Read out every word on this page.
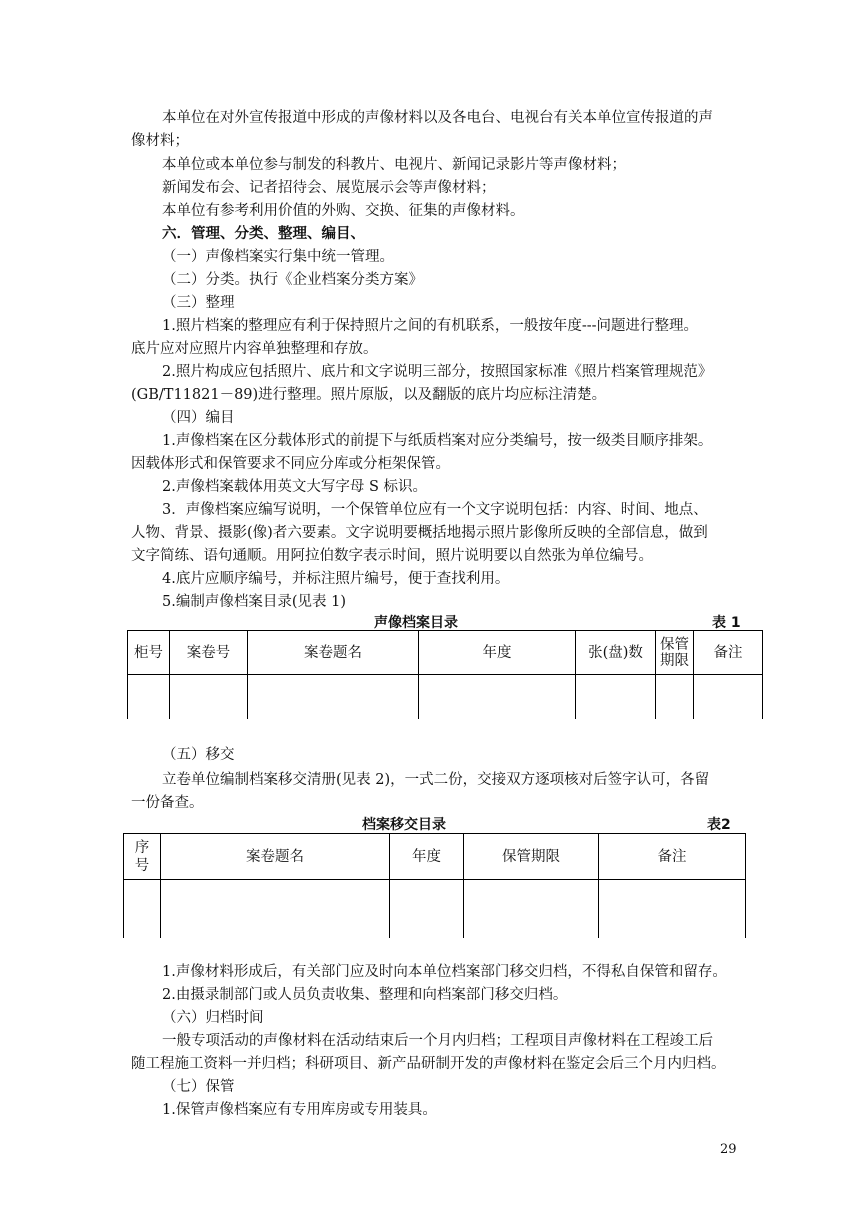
本单位在对外宣传报道中形成的声像材料以及各电台、电视台有关本单位宣传报道的声
像材料；
本单位或本单位参与制发的科教片、电视片、新闻记录影片等声像材料；
新闻发布会、记者招待会、展览展示会等声像材料；
本单位有参考利用价值的外购、交换、征集的声像材料。
六．管理、分类、整理、编目、
（一）声像档案实行集中统一管理。
（二）分类。执行《企业档案分类方案》
（三）整理
1.照片档案的整理应有利于保持照片之间的有机联系，一般按年度---问题进行整理。
底片应对应照片内容单独整理和存放。
2.照片构成应包括照片、底片和文字说明三部分，按照国家标准《照片档案管理规范》
(GB/T11821－89)进行整理。照片原版，以及翻版的底片均应标注清楚。
（四）编目
1.声像档案在区分载体形式的前提下与纸质档案对应分类编号，按一级类目顺序排架。
因载体形式和保管要求不同应分库或分柜架保管。
2.声像档案载体用英文大写字母 S 标识。
3．声像档案应编写说明，一个保管单位应有一个文字说明包括：内容、时间、地点、
人物、背景、摄影(像)者六要素。文字说明要概括地揭示照片影像所反映的全部信息，做到
文字简练、语句通顺。用阿拉伯数字表示时间，照片说明要以自然张为单位编号。
4.底片应顺序编号，并标注照片编号，便于查找利用。
5.编制声像档案目录(见表 1)
声像档案目录	表 1
柜号	案卷号	案卷题名	年度	张(盘)数	保管期限	备注

（五）移交
立卷单位编制档案移交清册(见表 2)，一式二份，交接双方逐项核对后签字认可，各留
一份备查。
档案移交目录	表2
序号	案卷题名	年度	保管期限	备注

1.声像材料形成后，有关部门应及时向本单位档案部门移交归档，不得私自保管和留存。
2.由摄录制部门或人员负责收集、整理和向档案部门移交归档。
（六）归档时间
一般专项活动的声像材料在活动结束后一个月内归档；工程项目声像材料在工程竣工后
随工程施工资料一并归档；科研项目、新产品研制开发的声像材料在鉴定会后三个月内归档。
（七）保管
1.保管声像档案应有专用库房或专用装具。
29
